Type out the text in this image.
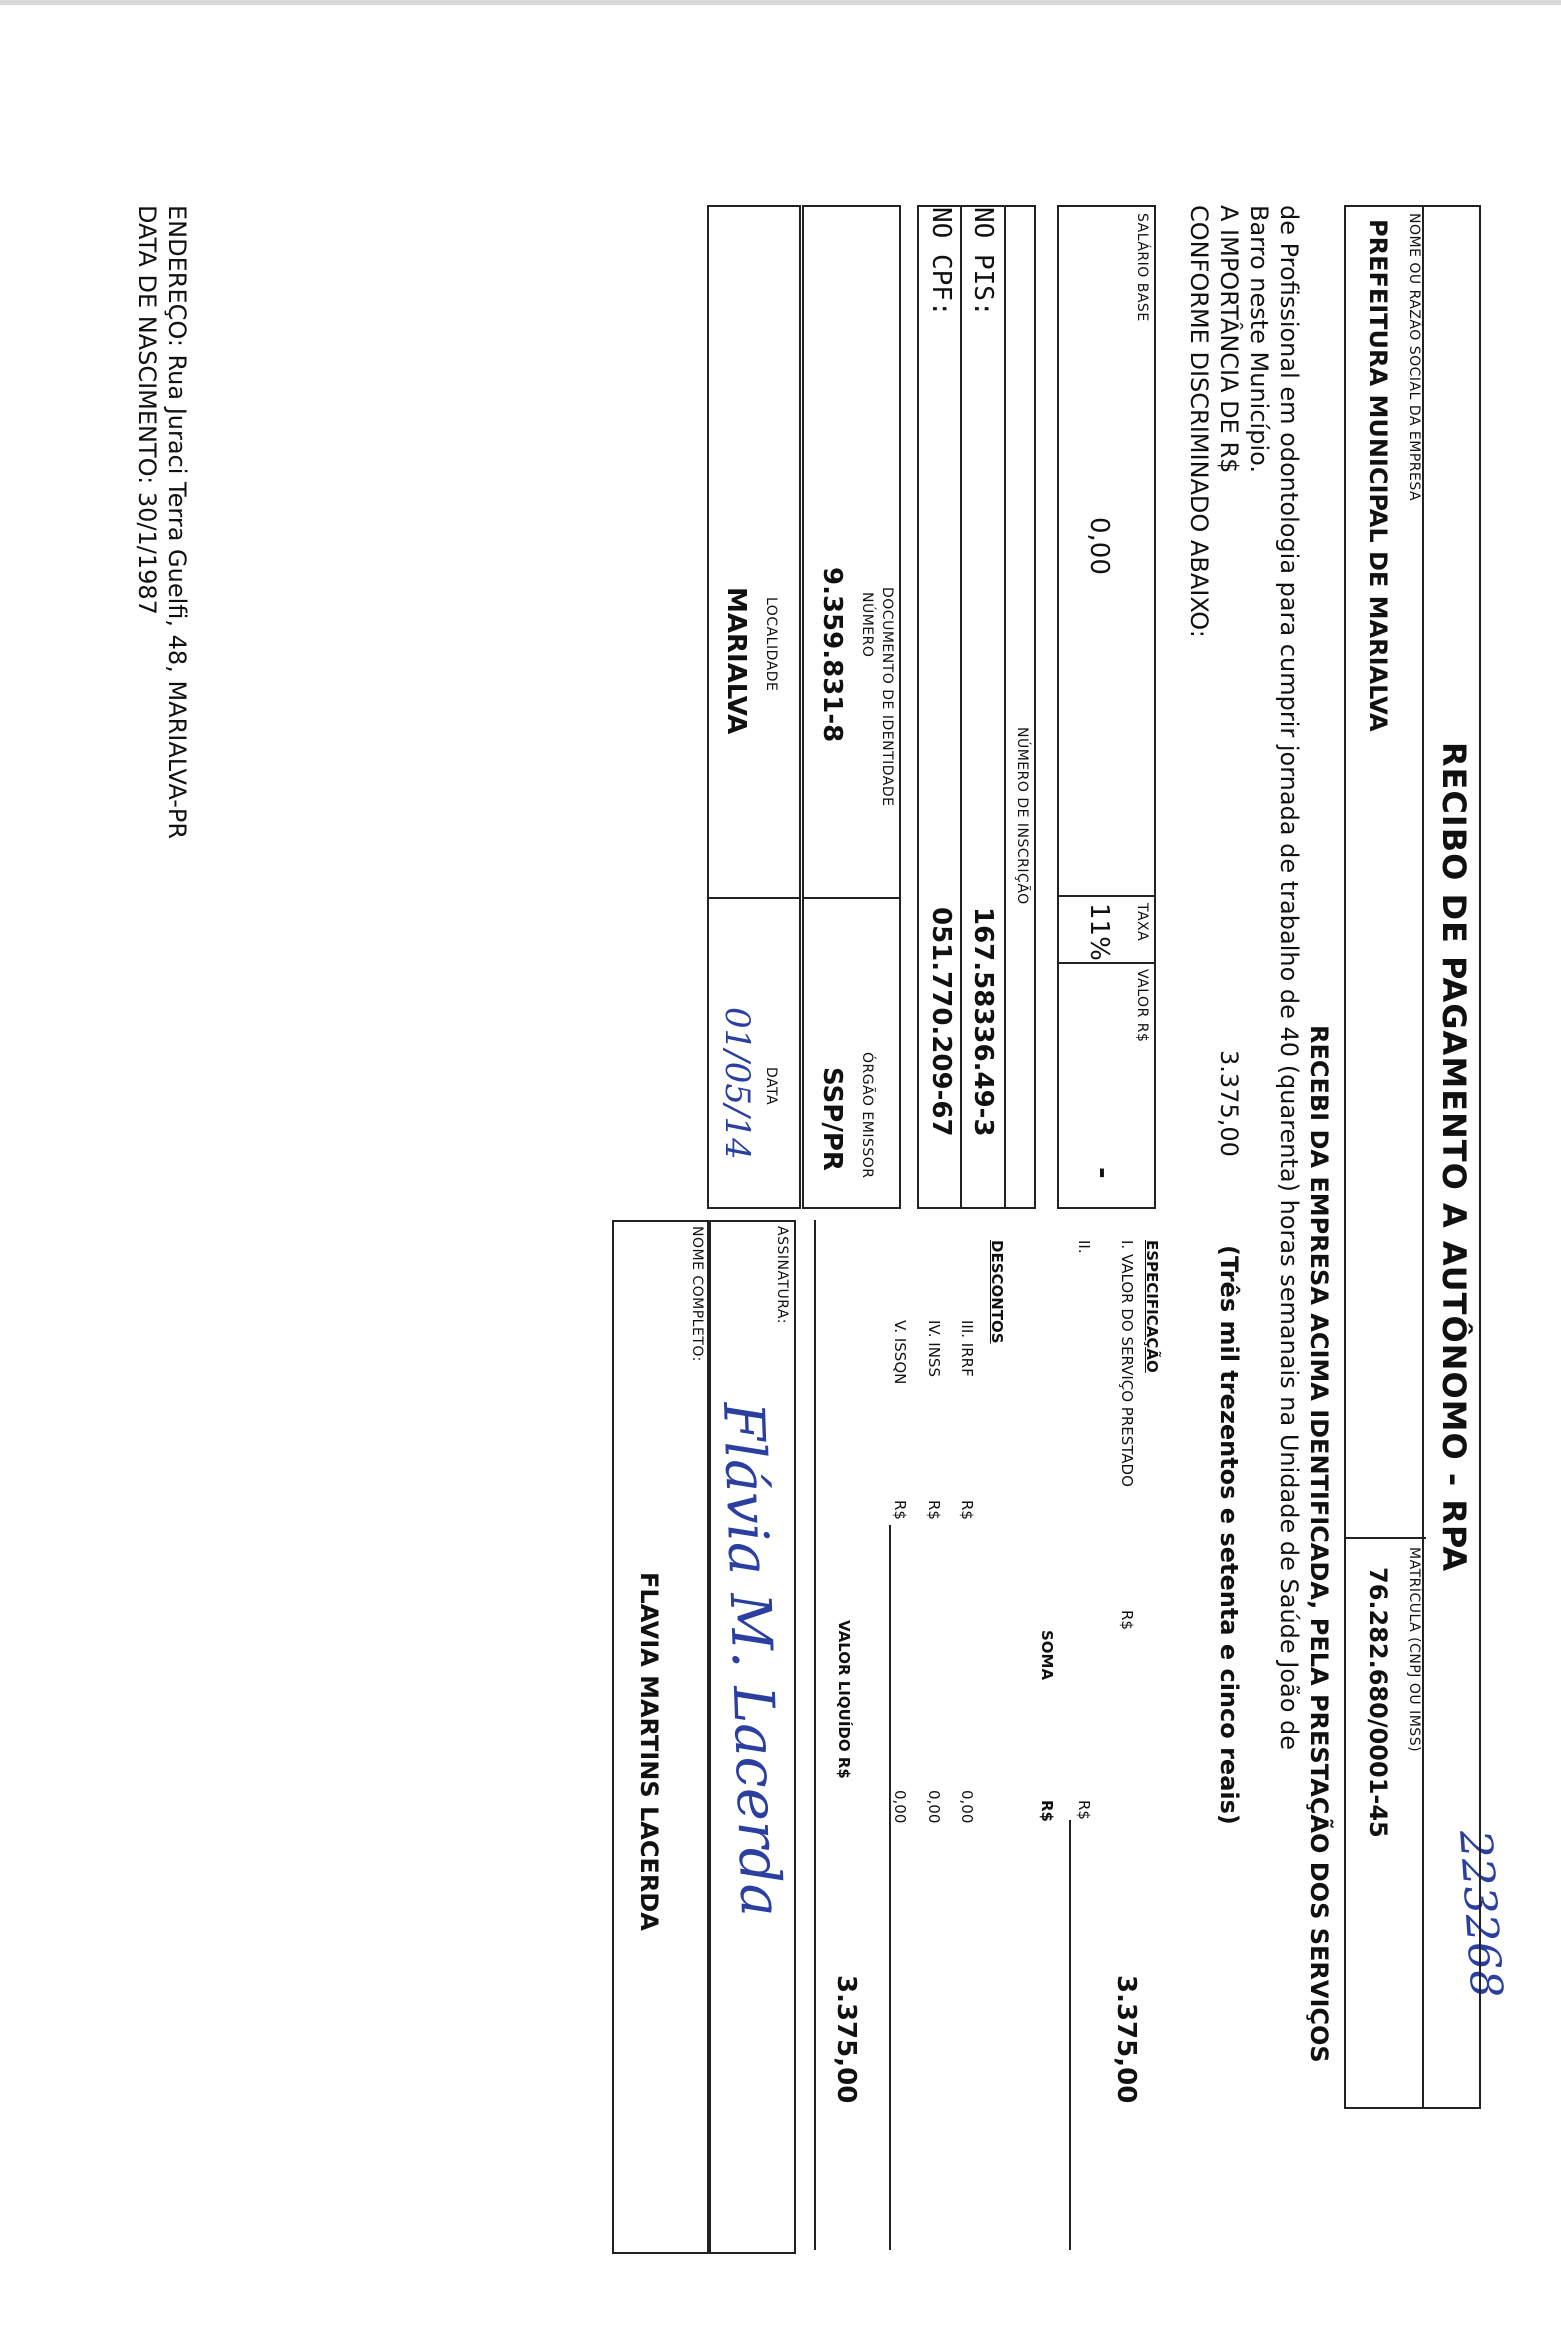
223268
RECIBO DE PAGAMENTO A AUTÔNOMO - RPA
NOME OU RAZÃO SOCIAL DA EMPRESA
PREFEITURA MUNICIPAL DE MARIALVA
MATRÍCULA (CNPJ OU IMSS)
76.282.680/0001-45
RECEBI DA EMPRESA ACIMA IDENTIFICADA, PELA PRESTAÇÃO DOS SERVIÇOS
de Profissional em odontologia para cumprir jornada de trabalho de 40 (quarenta) horas semanais na Unidade de Saúde João de
Barro neste Município.
A IMPORTÂNCIA DE R$
3.375,00
(Três mil trezentos e setenta e cinco reais)
CONFORME DISCRIMINADO ABAIXO:
SALÁRIO BASE
0,00
TAXA
11%
VALOR R$
-
NÚMERO DE INSCRIÇÃO
NO PIS:
167.58336.49-3
NO CPF:
051.770.209-67
DOCUMENTO DE IDENTIDADE
NÚMERO
9.359.831-8
ÓRGÃO EMISSOR
SSP/PR
LOCALIDADE
MARIALVA
DATA
01/05/14
ESPECIFICAÇÃO
I. VALOR DO SERVIÇO PRESTADO
R$
3.375,00
II.
R$
SOMA
R$
DESCONTOS
III. IRRF
R$
0,00
IV. INSS
R$
0,00
V. ISSQN
R$
0,00
VALOR LIQUÍDO R$
3.375,00
ASSINATURA:
Flávia M. Lacerda
NOME COMPLETO:
FLAVIA MARTINS LACERDA
ENDEREÇO: Rua Juraci Terra Guelfi, 48, MARIALVA-PR
DATA DE NASCIMENTO: 30/1/1987
